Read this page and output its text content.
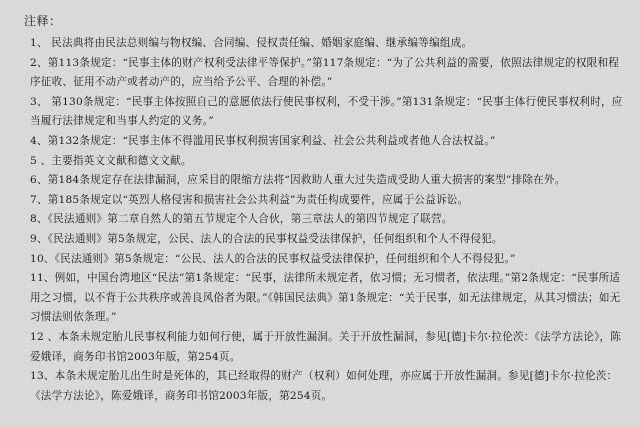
注释：
1、 民法典将由民法总则编与物权编、合同编、侵权责任编、婚姻家庭编、继承编等编组成。
2、第113条规定：“民事主体的财产权利受法律平等保护。”第117条规定：“为了公共利益的需要，依照法律规定的权限和程序征收、征用不动产或者动产的，应当给予公平、合理的补偿。”
3、 第130条规定：“民事主体按照自己的意愿依法行使民事权利，不受干涉。”第131条规定：“民事主体行使民事权利时，应当履行法律规定和当事人约定的义务。”
4、第132条规定：“民事主体不得滥用民事权利损害国家利益、社会公共利益或者他人合法权益。”
5 、主要指英文文献和德文文献。
6、第184条规定存在法律漏洞，应采目的限缩方法将“因救助人重大过失造成受助人重大损害的案型”排除在外。
7、第185条规定以“英烈人格侵害和损害社会公共利益”为责任构成要件，应属于公益诉讼。
8、《民法通则》第二章自然人的第五节规定个人合伙，第三章法人的第四节规定了联营。
9、《民法通则》第5条规定，公民、法人的合法的民事权益受法律保护，任何组织和个人不得侵犯。
10、《民法通则》第5条规定：“公民、法人的合法的民事权益受法律保护，任何组织和个人不得侵犯。”
11、例如，中国台湾地区“民法”第1条规定：“民事，法律所未规定者，依习惯；无习惯者，依法理。”第2条规定：“民事所适用之习惯，以不背于公共秩序或善良风俗者为限。”《韩国民法典》第1条规定：“关于民事，如无法律规定，从其习惯法；如无习惯法则依条理。”
12 、本条未规定胎儿民事权利能力如何行使，属于开放性漏洞。关于开放性漏洞，参见[德]卡尔·拉伦茨：《法学方法论》，陈爱娥译，商务印书馆2003年版，第254页。
13、本条未规定胎儿出生时是死体的，其已经取得的财产（权利）如何处理，亦应属于开放性漏洞。参见[德]卡尔·拉伦茨：《法学方法论》，陈爱娥译，商务印书馆2003年版，第254页。
